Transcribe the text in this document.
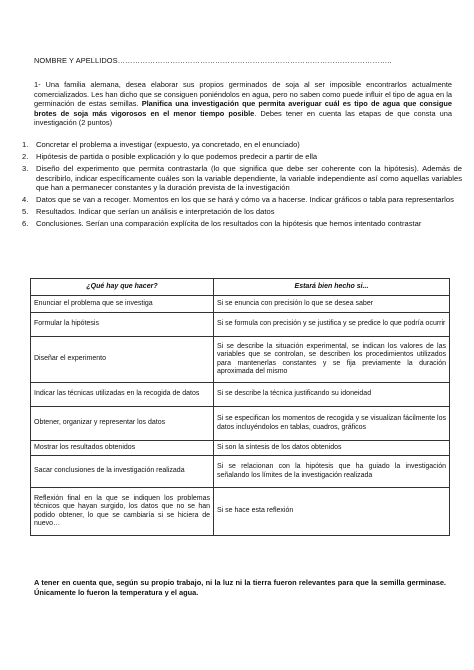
NOMBRE Y APELLIDOS………………………………………………………………………………………………..
1- Una familia alemana, desea elaborar sus propios germinados de soja al ser imposible encontrarlos actualmente comercializados. Les han dicho que se consiguen poniéndolos en agua, pero no saben como puede influir el tipo de agua en la germinación de estas semillas. Planifica una investigación que permita averiguar cuál es tipo de agua que consigue brotes de soja más vigorosos en el menor tiempo posible. Debes tener en cuenta las etapas de que consta una investigación (2 puntos)
1.	Concretar el problema a investigar (expuesto, ya concretado, en el enunciado)
2.	Hipótesis de partida o posible explicación y lo que podemos predecir a partir de ella
3.	Diseño del experimento que permita contrastarla (lo que significa que debe ser coherente con la hipótesis). Además de describirlo, indicar específicamente cuáles son la variable dependiente, la variable independiente así como aquellas variables que han a permanecer constantes y la duración prevista de la investigación
4.	Datos que se van a recoger. Momentos en los que se hará y cómo va a hacerse. Indicar gráficos o tabla para representarlos
5.	Resultados. Indicar que serían un análisis e interpretación de los datos
6.	Conclusiones. Serían una comparación explícita de los resultados con la hipótesis que hemos intentado contrastar
¿Qué hay que hacer?	Estará bien hecho si...
Enunciar el problema que se investiga	Si se enuncia con precisión lo que se desea saber
Formular la hipótesis	Si se formula con precisión y se justifica y se predice lo que podría ocurrir
Diseñar el experimento	Si se describe la situación experimental, se indican los valores de las variables que se controlan, se describen los procedimientos utilizados para mantenerlas constantes y se fija previamente la duración aproximada del mismo
Indicar las técnicas utilizadas en la recogida de datos	Si se describe la técnica justificando su idoneidad
Obtener, organizar y representar los datos	Si se especifican los momentos de recogida y se visualizan fácilmente los datos incluyéndolos en tablas, cuadros, gráficos
Mostrar los resultados obtenidos	Si son la síntesis de los datos obtenidos
Sacar conclusiones de la investigación realizada	Si se relacionan con la hipótesis que ha guiado la investigación señalando los límites de la investigación realizada
Reflexión final en la que se indiquen los problemas técnicos que hayan surgido, los datos que no se han podido obtener, lo que se cambiaría si se hiciera de nuevo…	Si se hace esta reflexión
A tener en cuenta que, según su propio trabajo, ni la luz ni la tierra fueron relevantes para que la semilla germinase. Únicamente lo fueron la temperatura y el agua.
